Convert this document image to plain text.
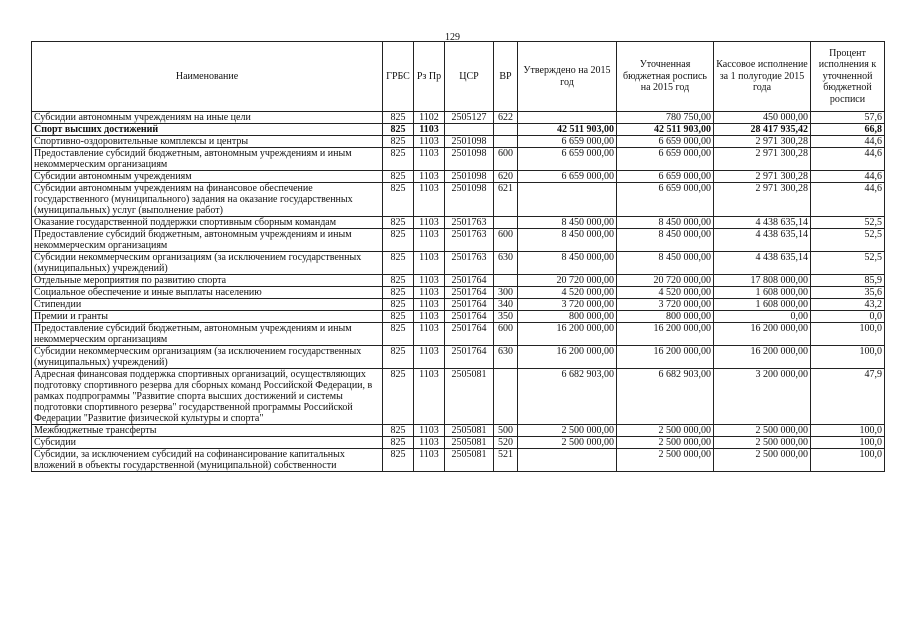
129
Наименование	ГРБС	Рз Пр	ЦСР	ВР	Утверждено на 2015 год	Уточненная бюджетная роспись на 2015 год	Кассовое исполнение за 1 полугодие 2015 года	Процент исполнения к уточненной бюджетной росписи
Субсидии автономным учреждениям на иные цели	825	1102	2505127	622		780 750,00	450 000,00	57,6
Спорт высших достижений	825	1103			42 511 903,00	42 511 903,00	28 417 935,42	66,8
Спортивно-оздоровительные комплексы и центры	825	1103	2501098		6 659 000,00	6 659 000,00	2 971 300,28	44,6
Предоставление субсидий бюджетным, автономным учреждениям и иным некоммерческим организациям	825	1103	2501098	600	6 659 000,00	6 659 000,00	2 971 300,28	44,6
Субсидии автономным учреждениям	825	1103	2501098	620	6 659 000,00	6 659 000,00	2 971 300,28	44,6
Субсидии автономным учреждениям на финансовое обеспечение государственного (муниципального) задания на оказание государственных (муниципальных) услуг (выполнение работ)	825	1103	2501098	621		6 659 000,00	2 971 300,28	44,6
Оказание государственной поддержки спортивным сборным командам	825	1103	2501763		8 450 000,00	8 450 000,00	4 438 635,14	52,5
Предоставление субсидий бюджетным, автономным учреждениям и иным некоммерческим организациям	825	1103	2501763	600	8 450 000,00	8 450 000,00	4 438 635,14	52,5
Субсидии некоммерческим организациям (за исключением государственных (муниципальных) учреждений)	825	1103	2501763	630	8 450 000,00	8 450 000,00	4 438 635,14	52,5
Отдельные мероприятия по развитию спорта	825	1103	2501764		20 720 000,00	20 720 000,00	17 808 000,00	85,9
Социальное обеспечение и иные выплаты населению	825	1103	2501764	300	4 520 000,00	4 520 000,00	1 608 000,00	35,6
Стипендии	825	1103	2501764	340	3 720 000,00	3 720 000,00	1 608 000,00	43,2
Премии и гранты	825	1103	2501764	350	800 000,00	800 000,00	0,00	0,0
Предоставление субсидий бюджетным, автономным учреждениям и иным некоммерческим организациям	825	1103	2501764	600	16 200 000,00	16 200 000,00	16 200 000,00	100,0
Субсидии некоммерческим организациям (за исключением государственных (муниципальных) учреждений)	825	1103	2501764	630	16 200 000,00	16 200 000,00	16 200 000,00	100,0
Адресная финансовая поддержка спортивных организаций, осуществляющих подготовку спортивного резерва для сборных команд Российской Федерации, в рамках подпрограммы "Развитие спорта высших достижений и системы подготовки спортивного резерва" государственной программы Российской Федерации "Развитие физической культуры и спорта"	825	1103	2505081		6 682 903,00	6 682 903,00	3 200 000,00	47,9
Межбюджетные трансферты	825	1103	2505081	500	2 500 000,00	2 500 000,00	2 500 000,00	100,0
Субсидии	825	1103	2505081	520	2 500 000,00	2 500 000,00	2 500 000,00	100,0
Субсидии, за исключением субсидий на софинансирование капитальных вложений в объекты государственной (муниципальной) собственности	825	1103	2505081	521		2 500 000,00	2 500 000,00	100,0
